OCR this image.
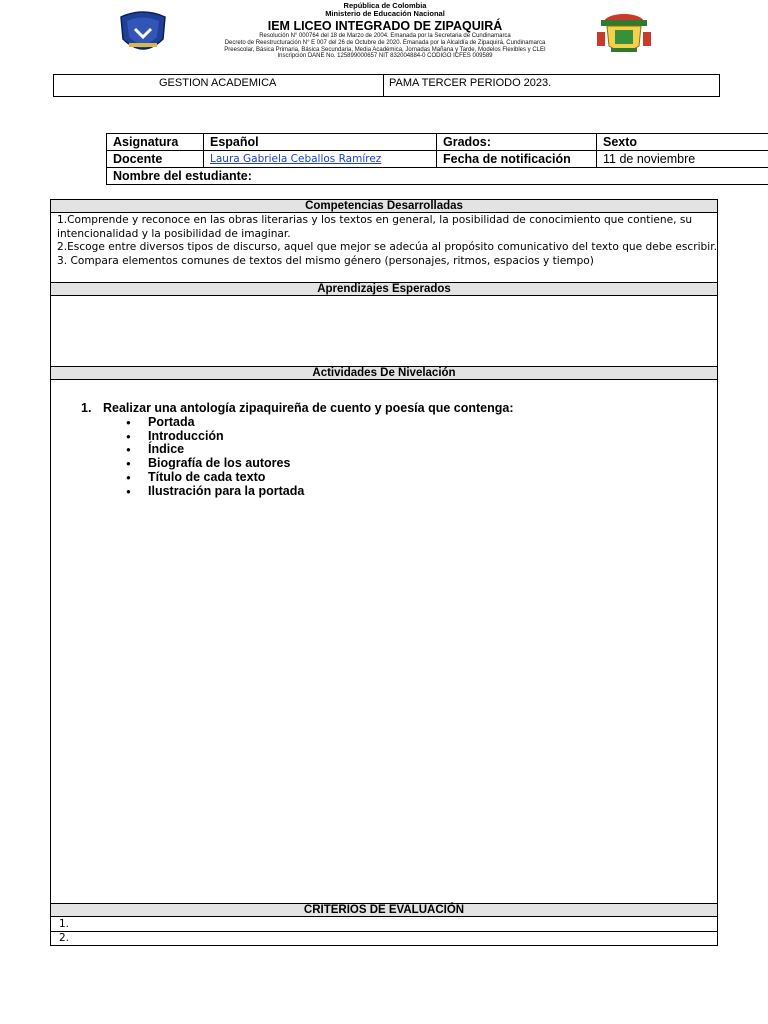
República de Colombia
Ministerio de Educación Nacional
IEM LICEO INTEGRADO DE ZIPAQUIRÁ
Resolución N° 000764 del 18 de Marzo de 2004. Emanada por la Secretaria de Cundinamarca
Decreto de Reestructuración N° E 007 del 26 de Octubre de 2020. Emanada por la Alcaldía de Zipaquirá, Cundinamarca
Preescolar, Básica Primaria, Básica Secundaria, Media Académica, Jornadas Mañana y Tarde, Modelos Flexibles y CLEI
Inscripción DANE No. 125899000657 NIT 832004884-0 CODIGO ICFES 009589
GESTION ACADEMICA	PAMA TERCER PERIODO 2023.
Asignatura	Español	Grados:	Sexto
Docente	Laura Gabriela Ceballos Ramírez	Fecha de notificación	11 de noviembre
Nombre del estudiante:			
Competencias Desarrolladas

1.Comprende y reconoce en las obras literarias y los textos en general, la posibilidad de conocimiento que contiene, su intencionalidad y la posibilidad de imaginar.

2.Escoge entre diversos tipos de discurso, aquel que mejor se adecúa al propósito comunicativo del texto que debe escribir.

3. Compara elementos comunes de textos del mismo género (personajes, ritmos, espacios y tiempo)

Aprendizajes Esperados
Actividades De Nivelación
1. Realizar una antología zipaquireña de cuento y poesía que contenga:
● Portada
● Introducción
● Índice
● Biografía de los autores
● Título de cada texto
● Ilustración para la portada
CRITERIOS DE EVALUACIÓN
1.
2.
